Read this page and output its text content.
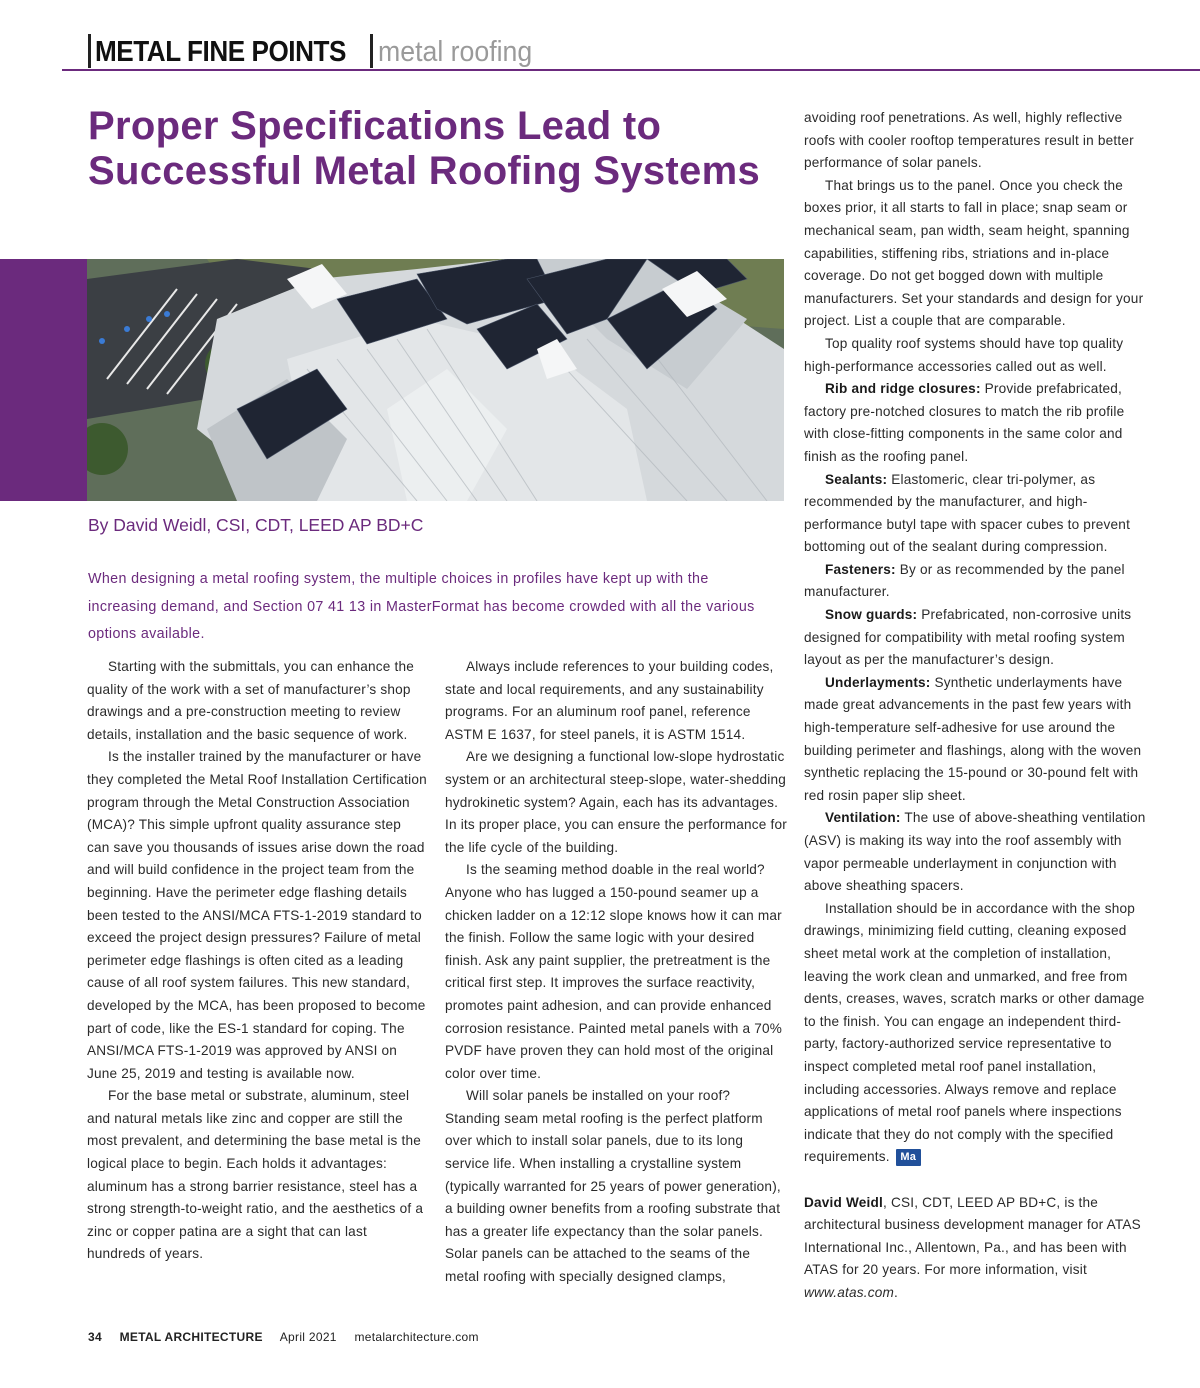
METAL FINE POINTS metal roofing
Proper Specifications Lead to Successful Metal Roofing Systems
By David Weidl, CSI, CDT, LEED AP BD+C

When designing a metal roofing system, the multiple choices in profiles have kept up with the increasing demand, and Section 07 41 13 in MasterFormat has become crowded with all the various options available.

Starting with the submittals, you can enhance the quality of the work with a set of manufacturer’s shop drawings and a pre-construction meeting to review details, installation and the basic sequence of work.

Is the installer trained by the manufacturer or have they completed the Metal Roof Installation Certification program through the Metal Construction Association (MCA)? This simple upfront quality assurance step can save you thousands of issues arise down the road and will build confidence in the project team from the beginning. Have the perimeter edge flashing details been tested to the ANSI/MCA FTS-1-2019 standard to exceed the project design pressures? Failure of metal perimeter edge flashings is often cited as a leading cause of all roof system failures. This new standard, developed by the MCA, has been proposed to become part of code, like the ES-1 standard for coping. The ANSI/MCA FTS-1-2019 was approved by ANSI on June 25, 2019 and testing is available now.

For the base metal or substrate, aluminum, steel and natural metals like zinc and copper are still the most prevalent, and determining the base metal is the logical place to begin. Each holds it advantages: aluminum has a strong barrier resistance, steel has a strong strength-to-weight ratio, and the aesthetics of a zinc or copper patina are a sight that can last hundreds of years.

Always include references to your building codes, state and local requirements, and any sustainability programs. For an aluminum roof panel, reference ASTM E 1637, for steel panels, it is ASTM 1514.

Are we designing a functional low-slope hydrostatic system or an architectural steep-slope, water-shedding hydrokinetic system? Again, each has its advantages. In its proper place, you can ensure the performance for the life cycle of the building.

Is the seaming method doable in the real world? Anyone who has lugged a 150-pound seamer up a chicken ladder on a 12:12 slope knows how it can mar the finish. Follow the same logic with your desired finish. Ask any paint supplier, the pretreatment is the critical first step. It improves the surface reactivity, promotes paint adhesion, and can provide enhanced corrosion resistance. Painted metal panels with a 70% PVDF have proven they can hold most of the original color over time.

Will solar panels be installed on your roof? Standing seam metal roofing is the perfect platform over which to install solar panels, due to its long service life. When installing a crystalline system (typically warranted for 25 years of power generation), a building owner benefits from a roofing substrate that has a greater life expectancy than the solar panels. Solar panels can be attached to the seams of the metal roofing with specially designed clamps,

avoiding roof penetrations. As well, highly reflective roofs with cooler rooftop temperatures result in better performance of solar panels.

That brings us to the panel. Once you check the boxes prior, it all starts to fall in place; snap seam or mechanical seam, pan width, seam height, spanning capabilities, stiffening ribs, striations and in-place coverage. Do not get bogged down with multiple manufacturers. Set your standards and design for your project. List a couple that are comparable.

Top quality roof systems should have top quality high-performance accessories called out as well.

Rib and ridge closures: Provide prefabricated, factory pre-notched closures to match the rib profile with close-fitting components in the same color and finish as the roofing panel.

Sealants: Elastomeric, clear tri-polymer, as recommended by the manufacturer, and high-performance butyl tape with spacer cubes to prevent bottoming out of the sealant during compression.

Fasteners: By or as recommended by the panel manufacturer.

Snow guards: Prefabricated, non-corrosive units designed for compatibility with metal roofing system layout as per the manufacturer’s design.

Underlayments: Synthetic underlayments have made great advancements in the past few years with high-temperature self-adhesive for use around the building perimeter and flashings, along with the woven synthetic replacing the 15-pound or 30-pound felt with red rosin paper slip sheet.

Ventilation: The use of above-sheathing ventilation (ASV) is making its way into the roof assembly with vapor permeable underlayment in conjunction with above sheathing spacers.

Installation should be in accordance with the shop drawings, minimizing field cutting, cleaning exposed sheet metal work at the completion of installation, leaving the work clean and unmarked, and free from dents, creases, waves, scratch marks or other damage to the finish. You can engage an independent third-party, factory-authorized service representative to inspect completed metal roof panel installation, including accessories. Always remove and replace applications of metal roof panels where inspections indicate that they do not comply with the specified requirements. Ma

David Weidl, CSI, CDT, LEED AP BD+C, is the architectural business development manager for ATAS International Inc., Allentown, Pa., and has been with ATAS for 20 years. For more information, visit www.atas.com.

34 METAL ARCHITECTURE April 2021 metalarchitecture.com
